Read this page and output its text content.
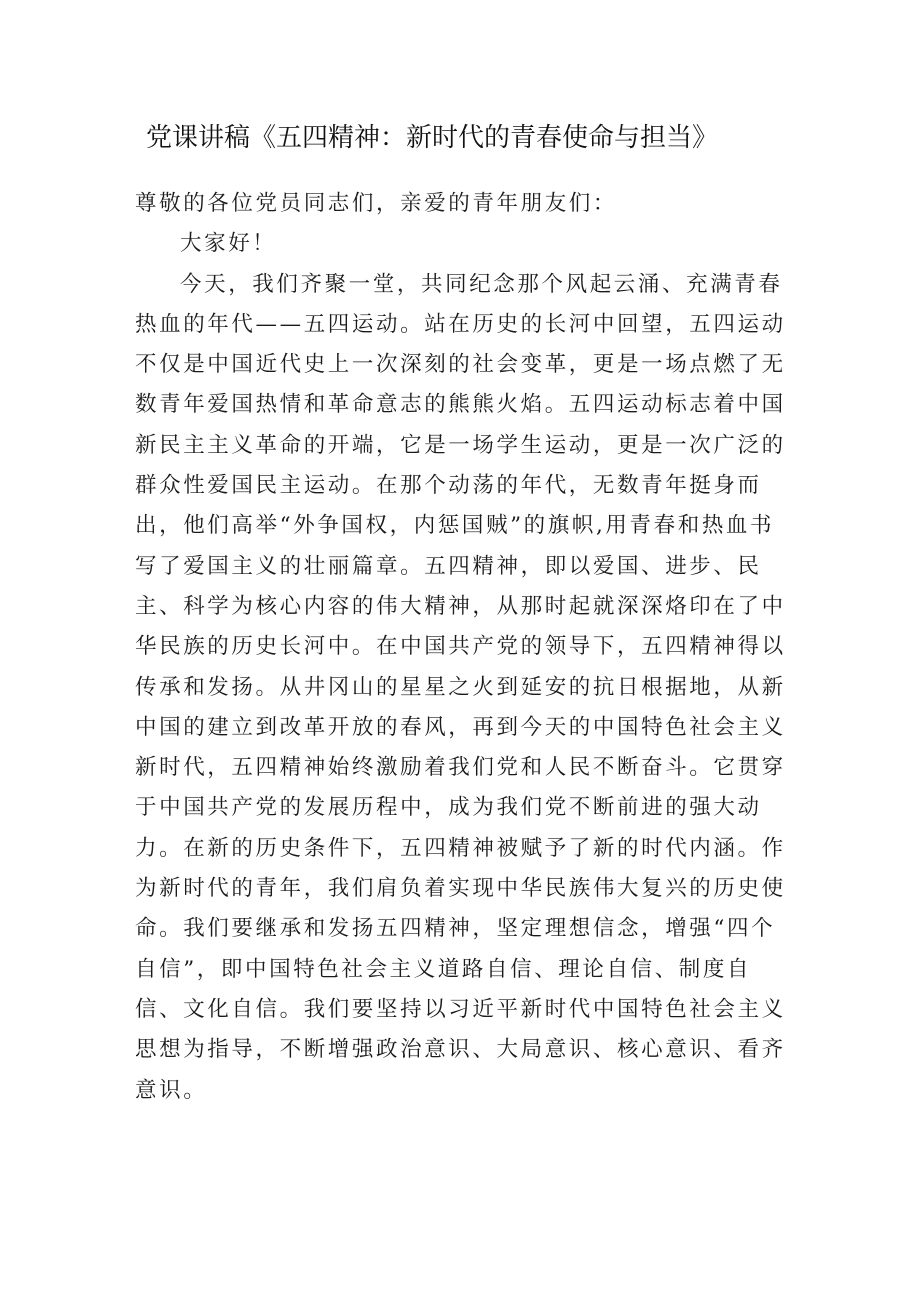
党课讲稿《五四精神：新时代的青春使命与担当》

尊敬的各位党员同志们，亲爱的青年朋友们：

大家好！

今天，我们齐聚一堂，共同纪念那个风起云涌、充满青春热血的年代——五四运动。站在历史的长河中回望，五四运动不仅是中国近代史上一次深刻的社会变革，更是一场点燃了无数青年爱国热情和革命意志的熊熊火焰。五四运动标志着中国新民主主义革命的开端，它是一场学生运动，更是一次广泛的群众性爱国民主运动。在那个动荡的年代，无数青年挺身而出，他们高举“外争国权，内惩国贼”的旗帜,用青春和热血书写了爱国主义的壮丽篇章。五四精神，即以爱国、进步、民主、科学为核心内容的伟大精神，从那时起就深深烙印在了中华民族的历史长河中。在中国共产党的领导下，五四精神得以传承和发扬。从井冈山的星星之火到延安的抗日根据地，从新中国的建立到改革开放的春风，再到今天的中国特色社会主义新时代，五四精神始终激励着我们党和人民不断奋斗。它贯穿于中国共产党的发展历程中，成为我们党不断前进的强大动力。在新的历史条件下，五四精神被赋予了新的时代内涵。作为新时代的青年，我们肩负着实现中华民族伟大复兴的历史使命。我们要继承和发扬五四精神，坚定理想信念，增强“四个自信”，即中国特色社会主义道路自信、理论自信、制度自信、文化自信。我们要坚持以习近平新时代中国特色社会主义思想为指导，不断增强政治意识、大局意识、核心意识、看齐意识。
